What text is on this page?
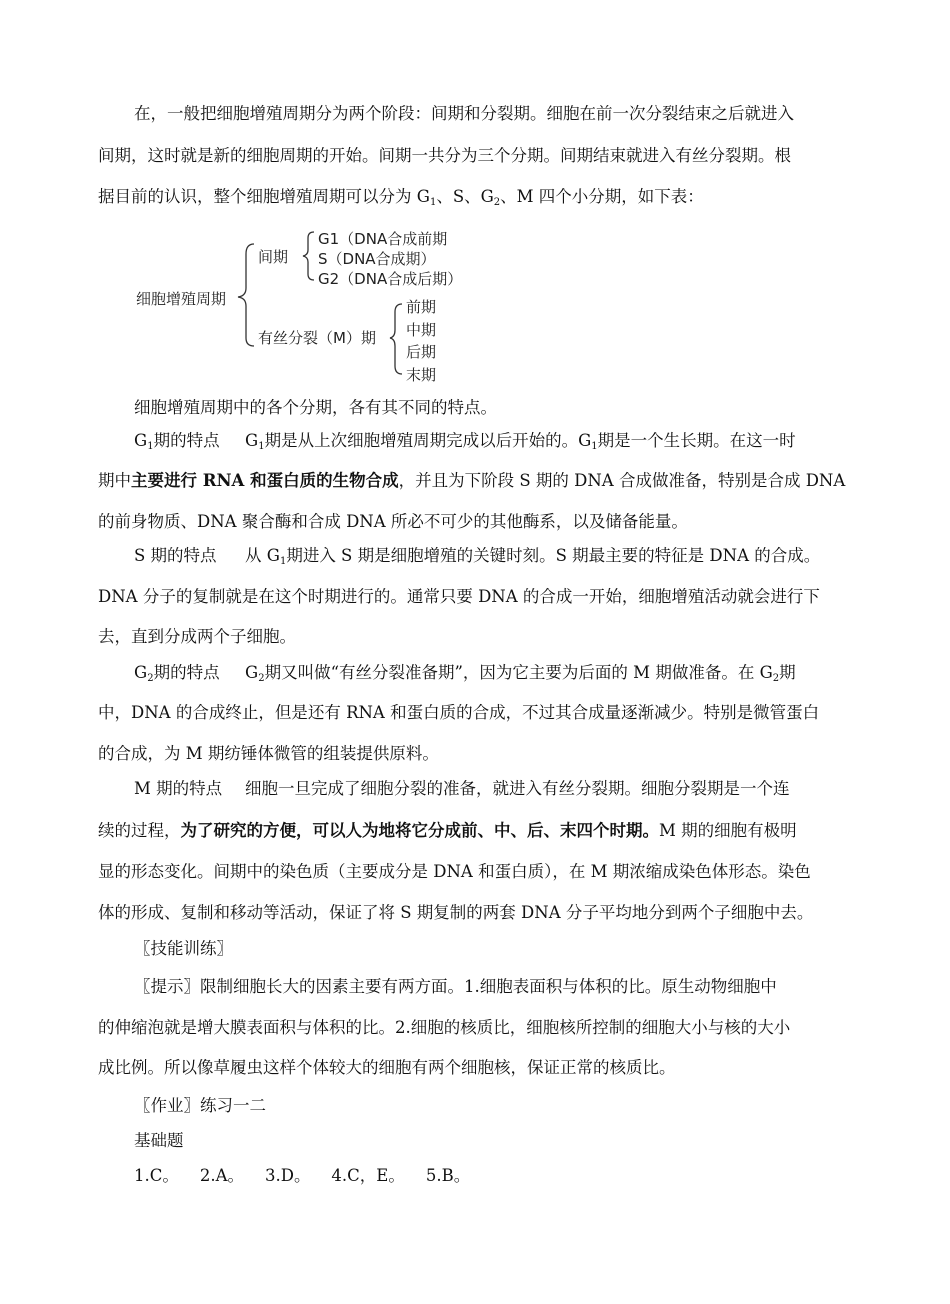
在，一般把细胞增殖周期分为两个阶段：间期和分裂期。细胞在前一次分裂结束之后就进入
间期，这时就是新的细胞周期的开始。间期一共分为三个分期。间期结束就进入有丝分裂期。根
据目前的认识，整个细胞增殖周期可以分为 $G_1$、S、$G_2$、M 四个小分期，如下表：
细胞增殖周期
间期
G1（DNA合成前期
S（DNA合成期）
G2（DNA合成后期）
有丝分裂（M）期
前期
中期
后期
末期
细胞增殖周期中的各个分期，各有其不同的特点。
$G_1$期的特点 $G_1$期是从上次细胞增殖周期完成以后开始的。$G_1$期是一个生长期。在这一时
期中主要进行 RNA 和蛋白质的生物合成，并且为下阶段 S 期的 DNA 合成做准备，特别是合成 DNA
的前身物质、DNA 聚合酶和合成 DNA 所必不可少的其他酶系，以及储备能量。
S 期的特点 从 $G_1$期进入 S 期是细胞增殖的关键时刻。S 期最主要的特征是 DNA 的合成。
DNA 分子的复制就是在这个时期进行的。通常只要 DNA 的合成一开始，细胞增殖活动就会进行下
去，直到分成两个子细胞。
$G_2$期的特点 $G_2$期又叫做“有丝分裂准备期”，因为它主要为后面的 M 期做准备。在 $G_2$期
中，DNA 的合成终止，但是还有 RNA 和蛋白质的合成，不过其合成量逐渐减少。特别是微管蛋白
的合成，为 M 期纺锤体微管的组装提供原料。
M 期的特点 细胞一旦完成了细胞分裂的准备，就进入有丝分裂期。细胞分裂期是一个连
续的过程，为了研究的方便，可以人为地将它分成前、中、后、末四个时期。M 期的细胞有极明
显的形态变化。间期中的染色质（主要成分是 DNA 和蛋白质），在 M 期浓缩成染色体形态。染色
体的形成、复制和移动等活动，保证了将 S 期复制的两套 DNA 分子平均地分到两个子细胞中去。
〖技能训练〗
〖提示〗限制细胞长大的因素主要有两方面。1.细胞表面积与体积的比。原生动物细胞中
的伸缩泡就是增大膜表面积与体积的比。2.细胞的核质比，细胞核所控制的细胞大小与核的大小
成比例。所以像草履虫这样个体较大的细胞有两个细胞核，保证正常的核质比。
〖作业〗练习一二
基础题
1.C。    2.A。    3.D。    4.C，E。    5.B。
